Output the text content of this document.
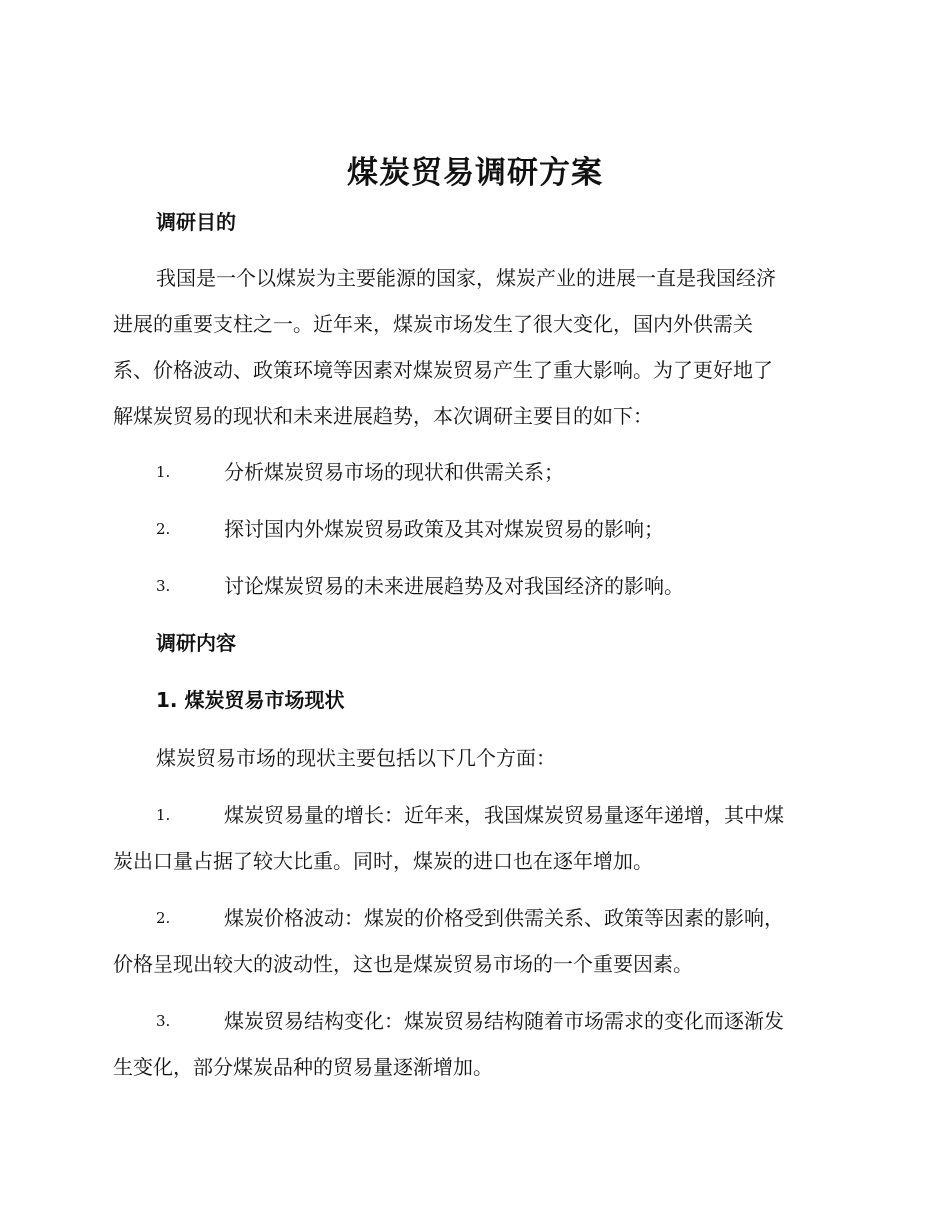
煤炭贸易调研方案
调研目的
我国是一个以煤炭为主要能源的国家，煤炭产业的进展一直是我国经济
进展的重要支柱之一。近年来，煤炭市场发生了很大变化，国内外供需关
系、价格波动、政策环境等因素对煤炭贸易产生了重大影响。为了更好地了
解煤炭贸易的现状和未来进展趋势，本次调研主要目的如下：
1.	分析煤炭贸易市场的现状和供需关系；
2.	探讨国内外煤炭贸易政策及其对煤炭贸易的影响；
3.	讨论煤炭贸易的未来进展趋势及对我国经济的影响。
调研内容
1. 煤炭贸易市场现状
煤炭贸易市场的现状主要包括以下几个方面：
1.	煤炭贸易量的增长：近年来，我国煤炭贸易量逐年递增，其中煤
炭出口量占据了较大比重。同时，煤炭的进口也在逐年增加。
2.	煤炭价格波动：煤炭的价格受到供需关系、政策等因素的影响，
价格呈现出较大的波动性，这也是煤炭贸易市场的一个重要因素。
3.	煤炭贸易结构变化：煤炭贸易结构随着市场需求的变化而逐渐发
生变化，部分煤炭品种的贸易量逐渐增加。
